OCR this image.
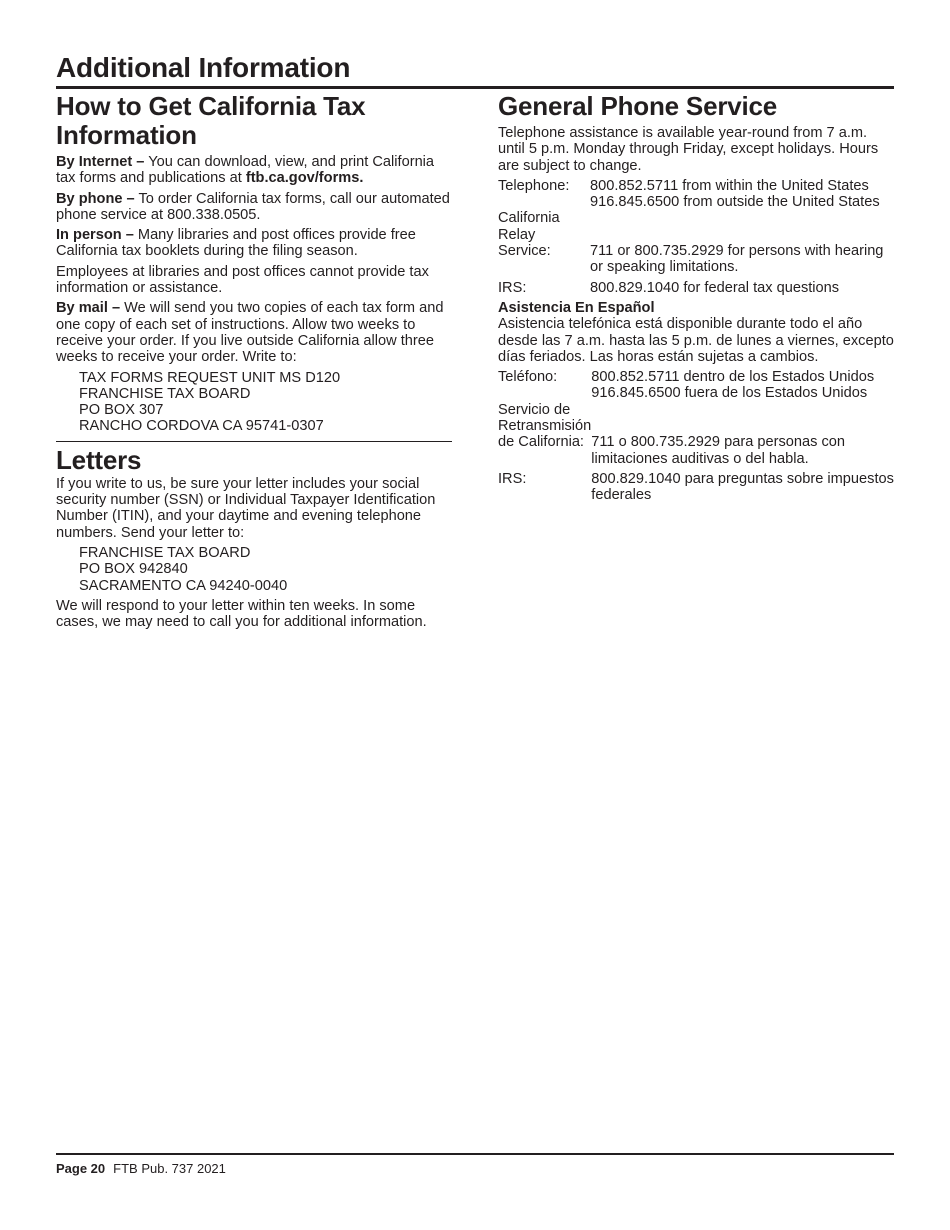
Additional Information
How to Get California Tax Information

By Internet – You can download, view, and print California tax forms and publications at ftb.ca.gov/forms.

By phone – To order California tax forms, call our automated phone service at 800.338.0505.

In person – Many libraries and post offices provide free California tax booklets during the filing season.

Employees at libraries and post offices cannot provide tax information or assistance.

By mail – We will send you two copies of each tax form and one copy of each set of instructions. Allow two weeks to receive your order. If you live outside California allow three weeks to receive your order. Write to:

TAX FORMS REQUEST UNIT MS D120
FRANCHISE TAX BOARD
PO BOX 307
RANCHO CORDOVA CA 95741-0307
Letters

If you write to us, be sure your letter includes your social security number (SSN) or Individual Taxpayer Identification Number (ITIN), and your daytime and evening telephone numbers. Send your letter to:

FRANCHISE TAX BOARD
PO BOX 942840
SACRAMENTO CA 94240-0040

We will respond to your letter within ten weeks. In some cases, we may need to call you for additional information.

General Phone Service

Telephone assistance is available year-round from 7 a.m. until 5 p.m. Monday through Friday, except holidays. Hours are subject to change.

Telephone:	800.852.5711 from within the United States
916.845.6500 from outside the United States

California	
Relay	
Service:	711 or 800.735.2929 for persons with hearing or speaking limitations.
IRS:	800.829.1040 for federal tax questions

Asistencia En Español

Asistencia telefónica está disponible durante todo el año desde las 7 a.m. hasta las 5 p.m. de lunes a viernes, excepto días feriados. Las horas están sujetas a cambios.

Teléfono:	800.852.5711 dentro de los Estados Unidos
916.845.6500 fuera de los Estados Unidos

Servicio de	
Retransmisión	
de California:	711 o 800.735.2929 para personas con limitaciones auditivas o del habla.
IRS:	800.829.1040 para preguntas sobre impuestos federales
Page 20 FTB Pub. 737 2021
